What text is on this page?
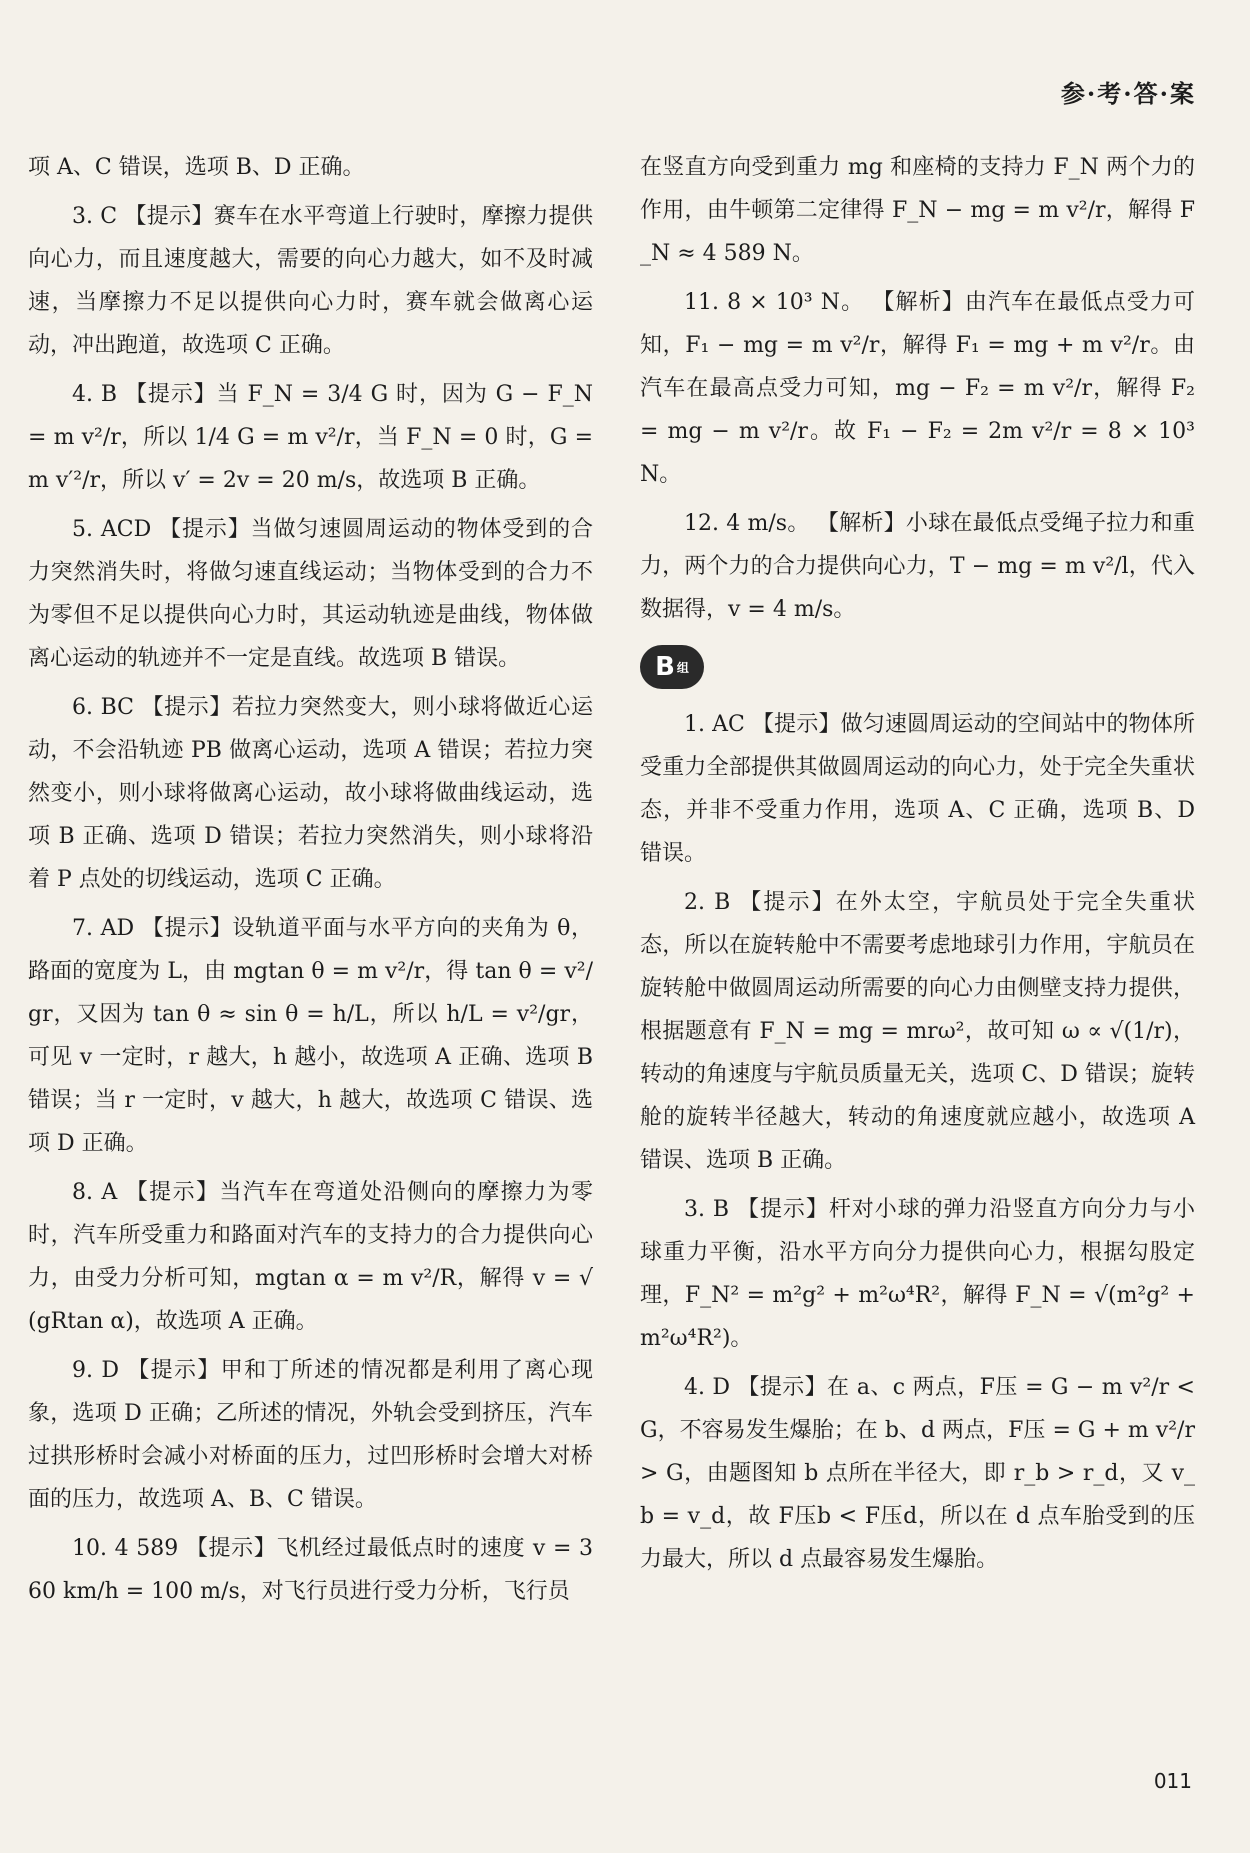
参·考·答·案

项 A、C 错误，选项 B、D 正确。

3. C 【提示】赛车在水平弯道上行驶时，摩擦力提供向心力，而且速度越大，需要的向心力越大，如不及时减速，当摩擦力不足以提供向心力时，赛车就会做离心运动，冲出跑道，故选项 C 正确。

4. B 【提示】当 F_N = 3/4 G 时，因为 G − F_N = m v²/r，所以 1/4 G = m v²/r，当 F_N = 0 时，G = m v′²/r，所以 v′ = 2v = 20 m/s，故选项 B 正确。

5. ACD 【提示】当做匀速圆周运动的物体受到的合力突然消失时，将做匀速直线运动；当物体受到的合力不为零但不足以提供向心力时，其运动轨迹是曲线，物体做离心运动的轨迹并不一定是直线。故选项 B 错误。

6. BC 【提示】若拉力突然变大，则小球将做近心运动，不会沿轨迹 PB 做离心运动，选项 A 错误；若拉力突然变小，则小球将做离心运动，故小球将做曲线运动，选项 B 正确、选项 D 错误；若拉力突然消失，则小球将沿着 P 点处的切线运动，选项 C 正确。

7. AD 【提示】设轨道平面与水平方向的夹角为 θ，路面的宽度为 L，由 mgtan θ = m v²/r，得 tan θ = v²/gr，又因为 tan θ ≈ sin θ = h/L，所以 h/L = v²/gr，可见 v 一定时，r 越大，h 越小，故选项 A 正确、选项 B 错误；当 r 一定时，v 越大，h 越大，故选项 C 错误、选项 D 正确。

8. A 【提示】当汽车在弯道处沿侧向的摩擦力为零时，汽车所受重力和路面对汽车的支持力的合力提供向心力，由受力分析可知，mgtan α = m v²/R，解得 v = √(gRtan α)，故选项 A 正确。

9. D 【提示】甲和丁所述的情况都是利用了离心现象，选项 D 正确；乙所述的情况，外轨会受到挤压，汽车过拱形桥时会减小对桥面的压力，过凹形桥时会增大对桥面的压力，故选项 A、B、C 错误。

10. 4 589 【提示】飞机经过最低点时的速度 v = 360 km/h = 100 m/s，对飞行员进行受力分析，飞行员

在竖直方向受到重力 mg 和座椅的支持力 F_N 两个力的作用，由牛顿第二定律得 F_N − mg = m v²/r，解得 F_N ≈ 4 589 N。

11. 8 × 10³ N。 【解析】由汽车在最低点受力可知，F₁ − mg = m v²/r，解得 F₁ = mg + m v²/r。由汽车在最高点受力可知，mg − F₂ = m v²/r，解得 F₂ = mg − m v²/r。故 F₁ − F₂ = 2m v²/r = 8 × 10³ N。

12. 4 m/s。 【解析】小球在最低点受绳子拉力和重力，两个力的合力提供向心力，T − mg = m v²/l，代入数据得，v = 4 m/s。

B 组

1. AC 【提示】做匀速圆周运动的空间站中的物体所受重力全部提供其做圆周运动的向心力，处于完全失重状态，并非不受重力作用，选项 A、C 正确，选项 B、D 错误。

2. B 【提示】在外太空，宇航员处于完全失重状态，所以在旋转舱中不需要考虑地球引力作用，宇航员在旋转舱中做圆周运动所需要的向心力由侧壁支持力提供，根据题意有 F_N = mg = mrω²，故可知 ω ∝ √(1/r)，转动的角速度与宇航员质量无关，选项 C、D 错误；旋转舱的旋转半径越大，转动的角速度就应越小，故选项 A 错误、选项 B 正确。

3. B 【提示】杆对小球的弹力沿竖直方向分力与小球重力平衡，沿水平方向分力提供向心力，根据勾股定理，F_N² = m²g² + m²ω⁴R²，解得 F_N = √(m²g² + m²ω⁴R²)。

4. D 【提示】在 a、c 两点，F压 = G − m v²/r < G，不容易发生爆胎；在 b、d 两点，F压 = G + m v²/r > G，由题图知 b 点所在半径大，即 r_b > r_d，又 v_b = v_d，故 F压b < F压d，所以在 d 点车胎受到的压力最大，所以 d 点最容易发生爆胎。

011
